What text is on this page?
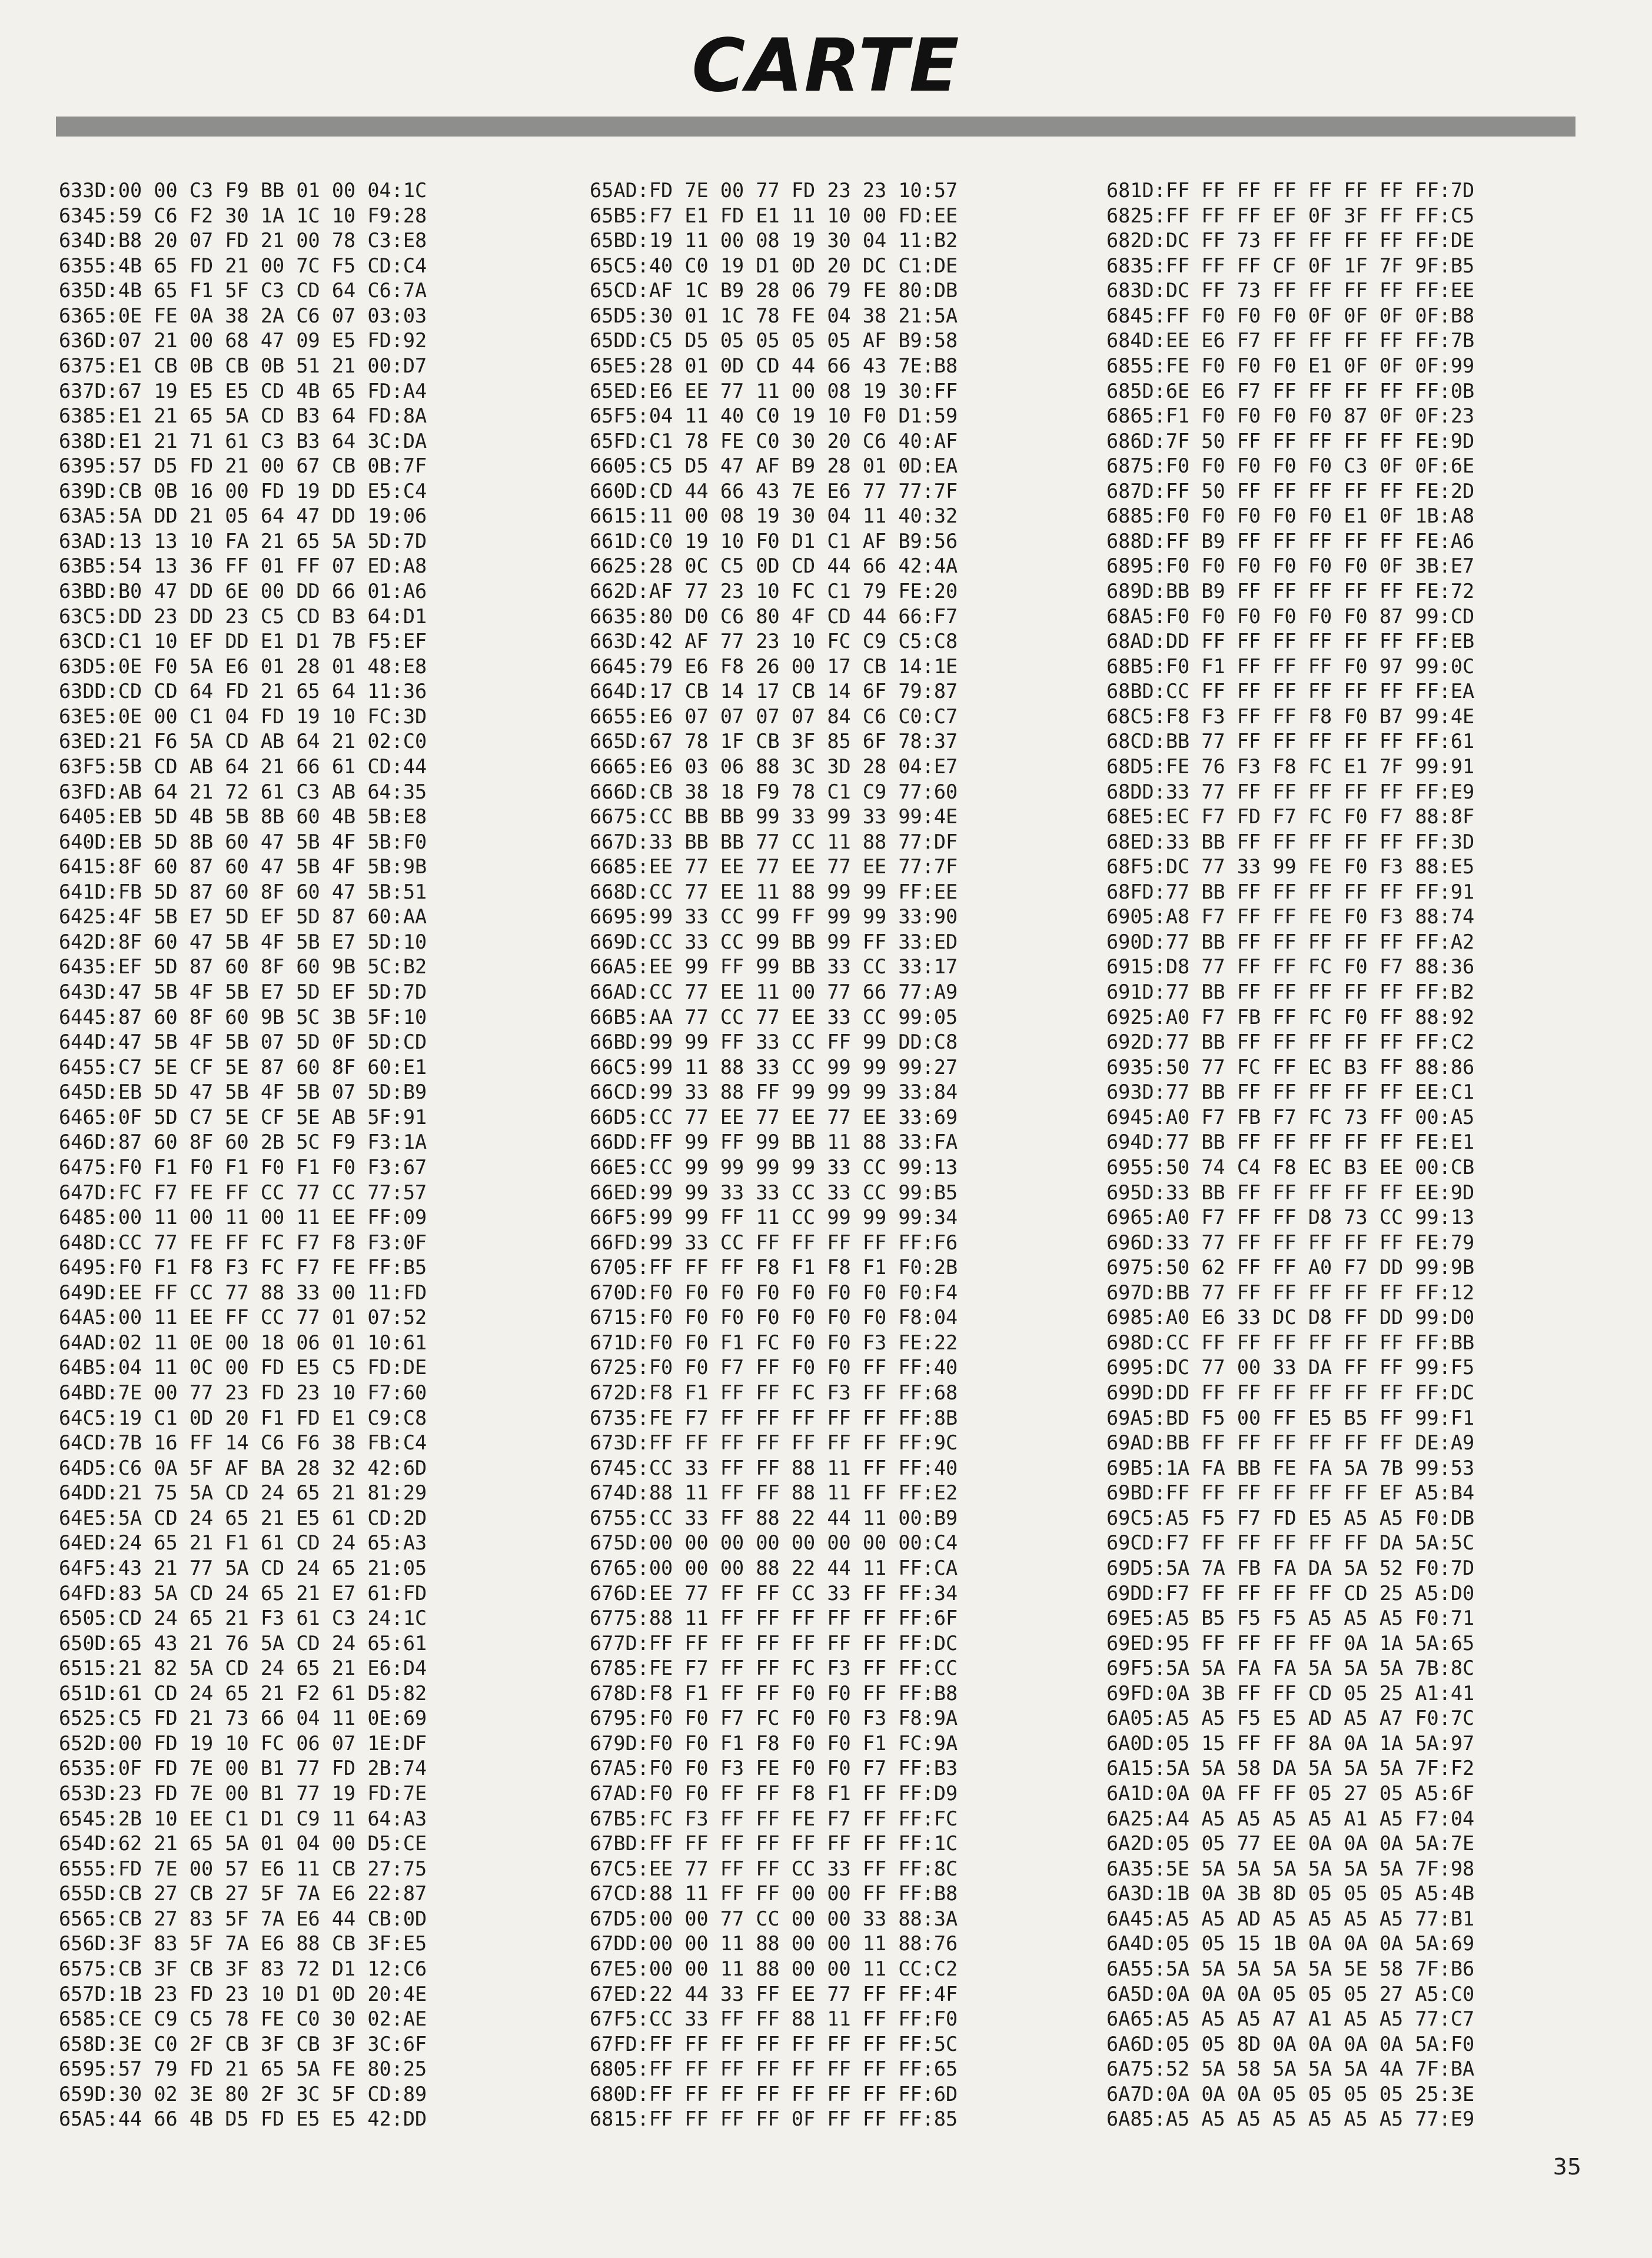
CARTE
633D:00 00 C3 F9 BB 01 00 04:1C
6345:59 C6 F2 30 1A 1C 10 F9:28
634D:B8 20 07 FD 21 00 78 C3:E8
6355:4B 65 FD 21 00 7C F5 CD:C4
635D:4B 65 F1 5F C3 CD 64 C6:7A
6365:0E FE 0A 38 2A C6 07 03:03
636D:07 21 00 68 47 09 E5 FD:92
6375:E1 CB 0B CB 0B 51 21 00:D7
637D:67 19 E5 E5 CD 4B 65 FD:A4
6385:E1 21 65 5A CD B3 64 FD:8A
638D:E1 21 71 61 C3 B3 64 3C:DA
6395:57 D5 FD 21 00 67 CB 0B:7F
639D:CB 0B 16 00 FD 19 DD E5:C4
63A5:5A DD 21 05 64 47 DD 19:06
63AD:13 13 10 FA 21 65 5A 5D:7D
63B5:54 13 36 FF 01 FF 07 ED:A8
63BD:B0 47 DD 6E 00 DD 66 01:A6
63C5:DD 23 DD 23 C5 CD B3 64:D1
63CD:C1 10 EF DD E1 D1 7B F5:EF
63D5:0E F0 5A E6 01 28 01 48:E8
63DD:CD CD 64 FD 21 65 64 11:36
63E5:0E 00 C1 04 FD 19 10 FC:3D
63ED:21 F6 5A CD AB 64 21 02:C0
63F5:5B CD AB 64 21 66 61 CD:44
63FD:AB 64 21 72 61 C3 AB 64:35
6405:EB 5D 4B 5B 8B 60 4B 5B:E8
640D:EB 5D 8B 60 47 5B 4F 5B:F0
6415:8F 60 87 60 47 5B 4F 5B:9B
641D:FB 5D 87 60 8F 60 47 5B:51
6425:4F 5B E7 5D EF 5D 87 60:AA
642D:8F 60 47 5B 4F 5B E7 5D:10
6435:EF 5D 87 60 8F 60 9B 5C:B2
643D:47 5B 4F 5B E7 5D EF 5D:7D
6445:87 60 8F 60 9B 5C 3B 5F:10
644D:47 5B 4F 5B 07 5D 0F 5D:CD
6455:C7 5E CF 5E 87 60 8F 60:E1
645D:EB 5D 47 5B 4F 5B 07 5D:B9
6465:0F 5D C7 5E CF 5E AB 5F:91
646D:87 60 8F 60 2B 5C F9 F3:1A
6475:F0 F1 F0 F1 F0 F1 F0 F3:67
647D:FC F7 FE FF CC 77 CC 77:57
6485:00 11 00 11 00 11 EE FF:09
648D:CC 77 FE FF FC F7 F8 F3:0F
6495:F0 F1 F8 F3 FC F7 FE FF:B5
649D:EE FF CC 77 88 33 00 11:FD
64A5:00 11 EE FF CC 77 01 07:52
64AD:02 11 0E 00 18 06 01 10:61
64B5:04 11 0C 00 FD E5 C5 FD:DE
64BD:7E 00 77 23 FD 23 10 F7:60
64C5:19 C1 0D 20 F1 FD E1 C9:C8
64CD:7B 16 FF 14 C6 F6 38 FB:C4
64D5:C6 0A 5F AF BA 28 32 42:6D
64DD:21 75 5A CD 24 65 21 81:29
64E5:5A CD 24 65 21 E5 61 CD:2D
64ED:24 65 21 F1 61 CD 24 65:A3
64F5:43 21 77 5A CD 24 65 21:05
64FD:83 5A CD 24 65 21 E7 61:FD
6505:CD 24 65 21 F3 61 C3 24:1C
650D:65 43 21 76 5A CD 24 65:61
6515:21 82 5A CD 24 65 21 E6:D4
651D:61 CD 24 65 21 F2 61 D5:82
6525:C5 FD 21 73 66 04 11 0E:69
652D:00 FD 19 10 FC 06 07 1E:DF
6535:0F FD 7E 00 B1 77 FD 2B:74
653D:23 FD 7E 00 B1 77 19 FD:7E
6545:2B 10 EE C1 D1 C9 11 64:A3
654D:62 21 65 5A 01 04 00 D5:CE
6555:FD 7E 00 57 E6 11 CB 27:75
655D:CB 27 CB 27 5F 7A E6 22:87
6565:CB 27 83 5F 7A E6 44 CB:0D
656D:3F 83 5F 7A E6 88 CB 3F:E5
6575:CB 3F CB 3F 83 72 D1 12:C6
657D:1B 23 FD 23 10 D1 0D 20:4E
6585:CE C9 C5 78 FE C0 30 02:AE
658D:3E C0 2F CB 3F CB 3F 3C:6F
6595:57 79 FD 21 65 5A FE 80:25
659D:30 02 3E 80 2F 3C 5F CD:89
65A5:44 66 4B D5 FD E5 E5 42:DD
65AD:FD 7E 00 77 FD 23 23 10:57
65B5:F7 E1 FD E1 11 10 00 FD:EE
65BD:19 11 00 08 19 30 04 11:B2
65C5:40 C0 19 D1 0D 20 DC C1:DE
65CD:AF 1C B9 28 06 79 FE 80:DB
65D5:30 01 1C 78 FE 04 38 21:5A
65DD:C5 D5 05 05 05 05 AF B9:58
65E5:28 01 0D CD 44 66 43 7E:B8
65ED:E6 EE 77 11 00 08 19 30:FF
65F5:04 11 40 C0 19 10 F0 D1:59
65FD:C1 78 FE C0 30 20 C6 40:AF
6605:C5 D5 47 AF B9 28 01 0D:EA
660D:CD 44 66 43 7E E6 77 77:7F
6615:11 00 08 19 30 04 11 40:32
661D:C0 19 10 F0 D1 C1 AF B9:56
6625:28 0C C5 0D CD 44 66 42:4A
662D:AF 77 23 10 FC C1 79 FE:20
6635:80 D0 C6 80 4F CD 44 66:F7
663D:42 AF 77 23 10 FC C9 C5:C8
6645:79 E6 F8 26 00 17 CB 14:1E
664D:17 CB 14 17 CB 14 6F 79:87
6655:E6 07 07 07 07 84 C6 C0:C7
665D:67 78 1F CB 3F 85 6F 78:37
6665:E6 03 06 88 3C 3D 28 04:E7
666D:CB 38 18 F9 78 C1 C9 77:60
6675:CC BB BB 99 33 99 33 99:4E
667D:33 BB BB 77 CC 11 88 77:DF
6685:EE 77 EE 77 EE 77 EE 77:7F
668D:CC 77 EE 11 88 99 99 FF:EE
6695:99 33 CC 99 FF 99 99 33:90
669D:CC 33 CC 99 BB 99 FF 33:ED
66A5:EE 99 FF 99 BB 33 CC 33:17
66AD:CC 77 EE 11 00 77 66 77:A9
66B5:AA 77 CC 77 EE 33 CC 99:05
66BD:99 99 FF 33 CC FF 99 DD:C8
66C5:99 11 88 33 CC 99 99 99:27
66CD:99 33 88 FF 99 99 99 33:84
66D5:CC 77 EE 77 EE 77 EE 33:69
66DD:FF 99 FF 99 BB 11 88 33:FA
66E5:CC 99 99 99 99 33 CC 99:13
66ED:99 99 33 33 CC 33 CC 99:B5
66F5:99 99 FF 11 CC 99 99 99:34
66FD:99 33 CC FF FF FF FF FF:F6
6705:FF FF FF F8 F1 F8 F1 F0:2B
670D:F0 F0 F0 F0 F0 F0 F0 F0:F4
6715:F0 F0 F0 F0 F0 F0 F0 F8:04
671D:F0 F0 F1 FC F0 F0 F3 FE:22
6725:F0 F0 F7 FF F0 F0 FF FF:40
672D:F8 F1 FF FF FC F3 FF FF:68
6735:FE F7 FF FF FF FF FF FF:8B
673D:FF FF FF FF FF FF FF FF:9C
6745:CC 33 FF FF 88 11 FF FF:40
674D:88 11 FF FF 88 11 FF FF:E2
6755:CC 33 FF 88 22 44 11 00:B9
675D:00 00 00 00 00 00 00 00:C4
6765:00 00 00 88 22 44 11 FF:CA
676D:EE 77 FF FF CC 33 FF FF:34
6775:88 11 FF FF FF FF FF FF:6F
677D:FF FF FF FF FF FF FF FF:DC
6785:FE F7 FF FF FC F3 FF FF:CC
678D:F8 F1 FF FF F0 F0 FF FF:B8
6795:F0 F0 F7 FC F0 F0 F3 F8:9A
679D:F0 F0 F1 F8 F0 F0 F1 FC:9A
67A5:F0 F0 F3 FE F0 F0 F7 FF:B3
67AD:F0 F0 FF FF F8 F1 FF FF:D9
67B5:FC F3 FF FF FE F7 FF FF:FC
67BD:FF FF FF FF FF FF FF FF:1C
67C5:EE 77 FF FF CC 33 FF FF:8C
67CD:88 11 FF FF 00 00 FF FF:B8
67D5:00 00 77 CC 00 00 33 88:3A
67DD:00 00 11 88 00 00 11 88:76
67E5:00 00 11 88 00 00 11 CC:C2
67ED:22 44 33 FF EE 77 FF FF:4F
67F5:CC 33 FF FF 88 11 FF FF:F0
67FD:FF FF FF FF FF FF FF FF:5C
6805:FF FF FF FF FF FF FF FF:65
680D:FF FF FF FF FF FF FF FF:6D
6815:FF FF FF FF 0F FF FF FF:85
681D:FF FF FF FF FF FF FF FF:7D
6825:FF FF FF EF 0F 3F FF FF:C5
682D:DC FF 73 FF FF FF FF FF:DE
6835:FF FF FF CF 0F 1F 7F 9F:B5
683D:DC FF 73 FF FF FF FF FF:EE
6845:FF F0 F0 F0 0F 0F 0F 0F:B8
684D:EE E6 F7 FF FF FF FF FF:7B
6855:FE F0 F0 F0 E1 0F 0F 0F:99
685D:6E E6 F7 FF FF FF FF FF:0B
6865:F1 F0 F0 F0 F0 87 0F 0F:23
686D:7F 50 FF FF FF FF FF FE:9D
6875:F0 F0 F0 F0 F0 C3 0F 0F:6E
687D:FF 50 FF FF FF FF FF FE:2D
6885:F0 F0 F0 F0 F0 E1 0F 1B:A8
688D:FF B9 FF FF FF FF FF FE:A6
6895:F0 F0 F0 F0 F0 F0 0F 3B:E7
689D:BB B9 FF FF FF FF FF FE:72
68A5:F0 F0 F0 F0 F0 F0 87 99:CD
68AD:DD FF FF FF FF FF FF FF:EB
68B5:F0 F1 FF FF FF F0 97 99:0C
68BD:CC FF FF FF FF FF FF FF:EA
68C5:F8 F3 FF FF F8 F0 B7 99:4E
68CD:BB 77 FF FF FF FF FF FF:61
68D5:FE 76 F3 F8 FC E1 7F 99:91
68DD:33 77 FF FF FF FF FF FF:E9
68E5:EC F7 FD F7 FC F0 F7 88:8F
68ED:33 BB FF FF FF FF FF FF:3D
68F5:DC 77 33 99 FE F0 F3 88:E5
68FD:77 BB FF FF FF FF FF FF:91
6905:A8 F7 FF FF FE F0 F3 88:74
690D:77 BB FF FF FF FF FF FF:A2
6915:D8 77 FF FF FC F0 F7 88:36
691D:77 BB FF FF FF FF FF FF:B2
6925:A0 F7 FB FF FC F0 FF 88:92
692D:77 BB FF FF FF FF FF FF:C2
6935:50 77 FC FF EC B3 FF 88:86
693D:77 BB FF FF FF FF FF EE:C1
6945:A0 F7 FB F7 FC 73 FF 00:A5
694D:77 BB FF FF FF FF FF FE:E1
6955:50 74 C4 F8 EC B3 EE 00:CB
695D:33 BB FF FF FF FF FF EE:9D
6965:A0 F7 FF FF D8 73 CC 99:13
696D:33 77 FF FF FF FF FF FE:79
6975:50 62 FF FF A0 F7 DD 99:9B
697D:BB 77 FF FF FF FF FF FF:12
6985:A0 E6 33 DC D8 FF DD 99:D0
698D:CC FF FF FF FF FF FF FF:BB
6995:DC 77 00 33 DA FF FF 99:F5
699D:DD FF FF FF FF FF FF FF:DC
69A5:BD F5 00 FF E5 B5 FF 99:F1
69AD:BB FF FF FF FF FF FF DE:A9
69B5:1A FA BB FE FA 5A 7B 99:53
69BD:FF FF FF FF FF FF EF A5:B4
69C5:A5 F5 F7 FD E5 A5 A5 F0:DB
69CD:F7 FF FF FF FF FF DA 5A:5C
69D5:5A 7A FB FA DA 5A 52 F0:7D
69DD:F7 FF FF FF FF CD 25 A5:D0
69E5:A5 B5 F5 F5 A5 A5 A5 F0:71
69ED:95 FF FF FF FF 0A 1A 5A:65
69F5:5A 5A FA FA 5A 5A 5A 7B:8C
69FD:0A 3B FF FF CD 05 25 A1:41
6A05:A5 A5 F5 E5 AD A5 A7 F0:7C
6A0D:05 15 FF FF 8A 0A 1A 5A:97
6A15:5A 5A 58 DA 5A 5A 5A 7F:F2
6A1D:0A 0A FF FF 05 27 05 A5:6F
6A25:A4 A5 A5 A5 A5 A1 A5 F7:04
6A2D:05 05 77 EE 0A 0A 0A 5A:7E
6A35:5E 5A 5A 5A 5A 5A 5A 7F:98
6A3D:1B 0A 3B 8D 05 05 05 A5:4B
6A45:A5 A5 AD A5 A5 A5 A5 77:B1
6A4D:05 05 15 1B 0A 0A 0A 5A:69
6A55:5A 5A 5A 5A 5A 5E 58 7F:B6
6A5D:0A 0A 0A 05 05 05 27 A5:C0
6A65:A5 A5 A5 A7 A1 A5 A5 77:C7
6A6D:05 05 8D 0A 0A 0A 0A 5A:F0
6A75:52 5A 58 5A 5A 5A 4A 7F:BA
6A7D:0A 0A 0A 05 05 05 05 25:3E
6A85:A5 A5 A5 A5 A5 A5 A5 77:E9
35
